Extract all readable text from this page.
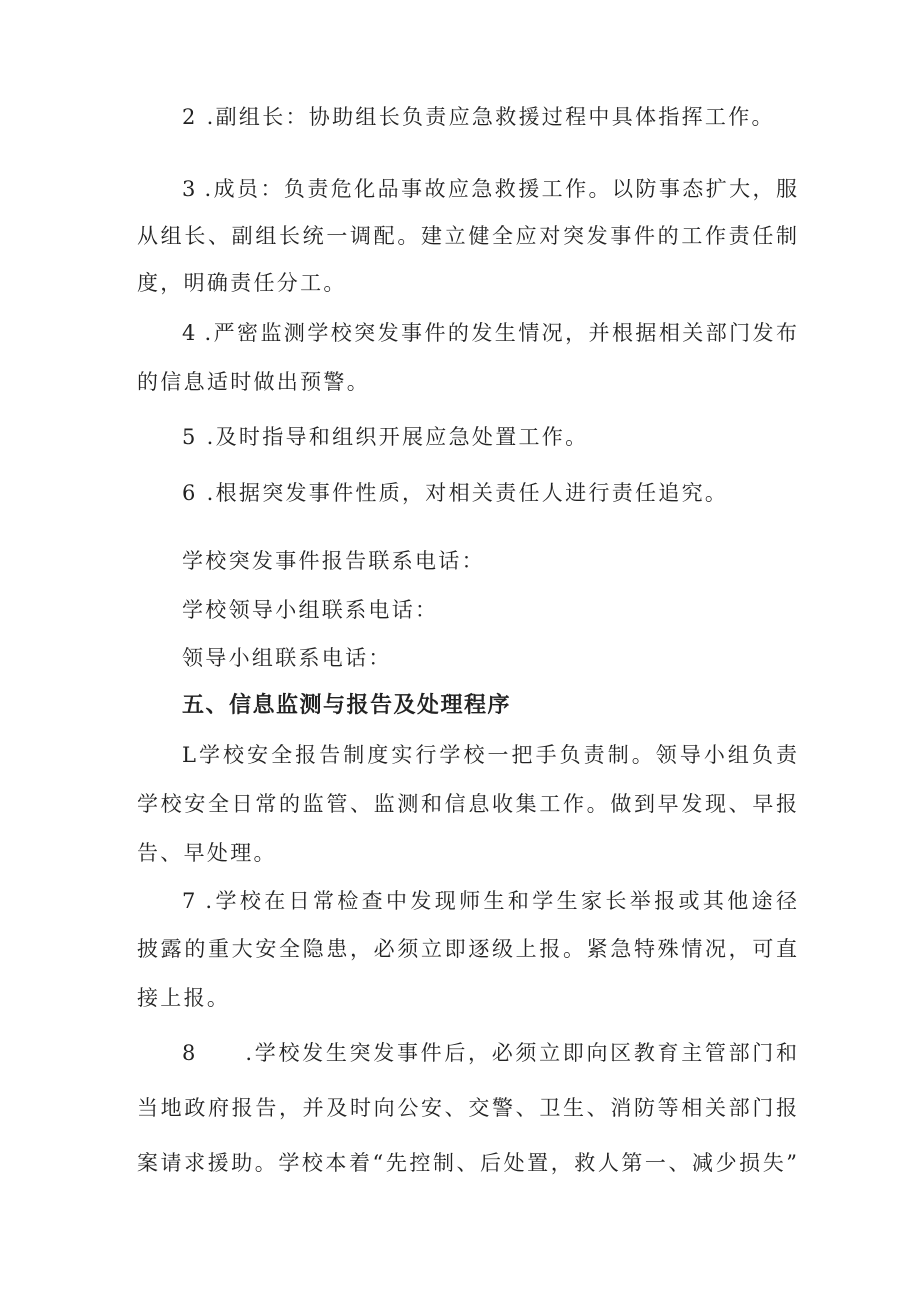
2 .副组长：协助组长负责应急救援过程中具体指挥工作。

3 .成员：负责危化品事故应急救援工作。以防事态扩大，服

从组长、副组长统一调配。建立健全应对突发事件的工作责任制

度，明确责任分工。

4 .严密监测学校突发事件的发生情况，并根据相关部门发布

的信息适时做出预警。

5 .及时指导和组织开展应急处置工作。

6 .根据突发事件性质，对相关责任人进行责任追究。

学校突发事件报告联系电话：

学校领导小组联系电话：

领导小组联系电话：

五、信息监测与报告及处理程序

L学校安全报告制度实行学校一把手负责制。领导小组负责

学校安全日常的监管、监测和信息收集工作。做到早发现、早报

告、早处理。

7 .学校在日常检查中发现师生和学生家长举报或其他途径

披露的重大安全隐患，必须立即逐级上报。紧急特殊情况，可直

接上报。

8　　.学校发生突发事件后，必须立即向区教育主管部门和

当地政府报告，并及时向公安、交警、卫生、消防等相关部门报

案请求援助。学校本着“先控制、后处置，救人第一、减少损失”
